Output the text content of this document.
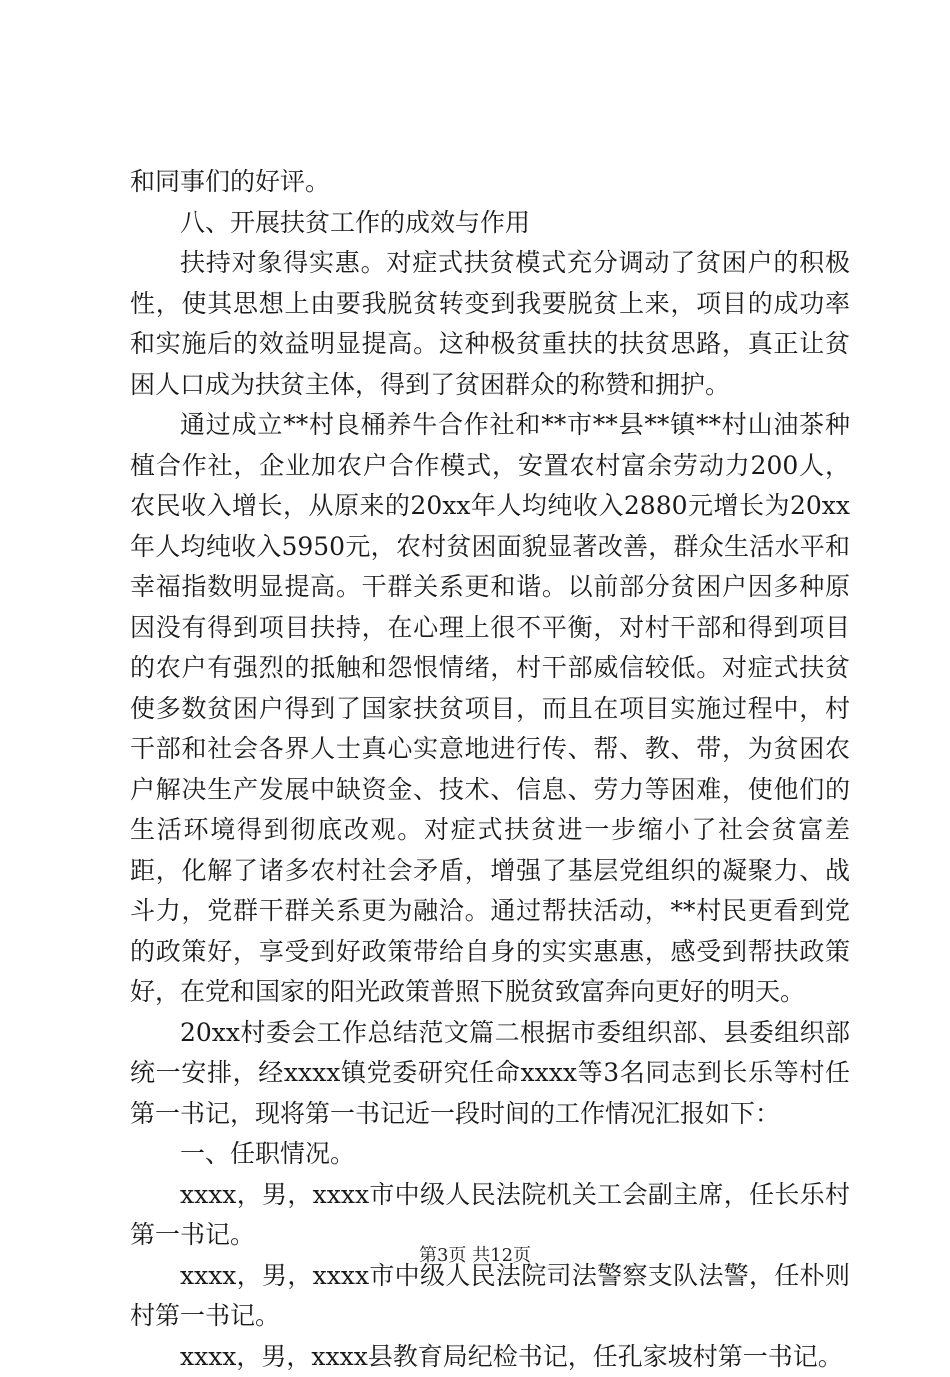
和同事们的好评。

八、开展扶贫工作的成效与作用

扶持对象得实惠。对症式扶贫模式充分调动了贫困户的积极性，使其思想上由要我脱贫转变到我要脱贫上来，项目的成功率和实施后的效益明显提高。这种极贫重扶的扶贫思路，真正让贫困人口成为扶贫主体，得到了贫困群众的称赞和拥护。

通过成立**村良桶养牛合作社和**市**县**镇**村山油茶种植合作社，企业加农户合作模式，安置农村富余劳动力200人，农民收入增长，从原来的20xx年人均纯收入2880元增长为20xx年人均纯收入5950元，农村贫困面貌显著改善，群众生活水平和幸福指数明显提高。干群关系更和谐。以前部分贫困户因多种原因没有得到项目扶持，在心理上很不平衡，对村干部和得到项目的农户有强烈的抵触和怨恨情绪，村干部威信较低。对症式扶贫使多数贫困户得到了国家扶贫项目，而且在项目实施过程中，村干部和社会各界人士真心实意地进行传、帮、教、带，为贫困农户解决生产发展中缺资金、技术、信息、劳力等困难，使他们的生活环境得到彻底改观。对症式扶贫进一步缩小了社会贫富差距，化解了诸多农村社会矛盾，增强了基层党组织的凝聚力、战斗力，党群干群关系更为融洽。通过帮扶活动，**村民更看到党的政策好，享受到好政策带给自身的实实惠惠，感受到帮扶政策好，在党和国家的阳光政策普照下脱贫致富奔向更好的明天。

20xx村委会工作总结范文篇二根据市委组织部、县委组织部统一安排，经xxxx镇党委研究任命xxxx等3名同志到长乐等村任第一书记，现将第一书记近一段时间的工作情况汇报如下：

一、任职情况。

xxxx，男，xxxx市中级人民法院机关工会副主席，任长乐村第一书记。

xxxx，男，xxxx市中级人民法院司法警察支队法警，任朴则村第一书记。

xxxx，男，xxxx县教育局纪检书记，任孔家坡村第一书记。

第3页 共12页
